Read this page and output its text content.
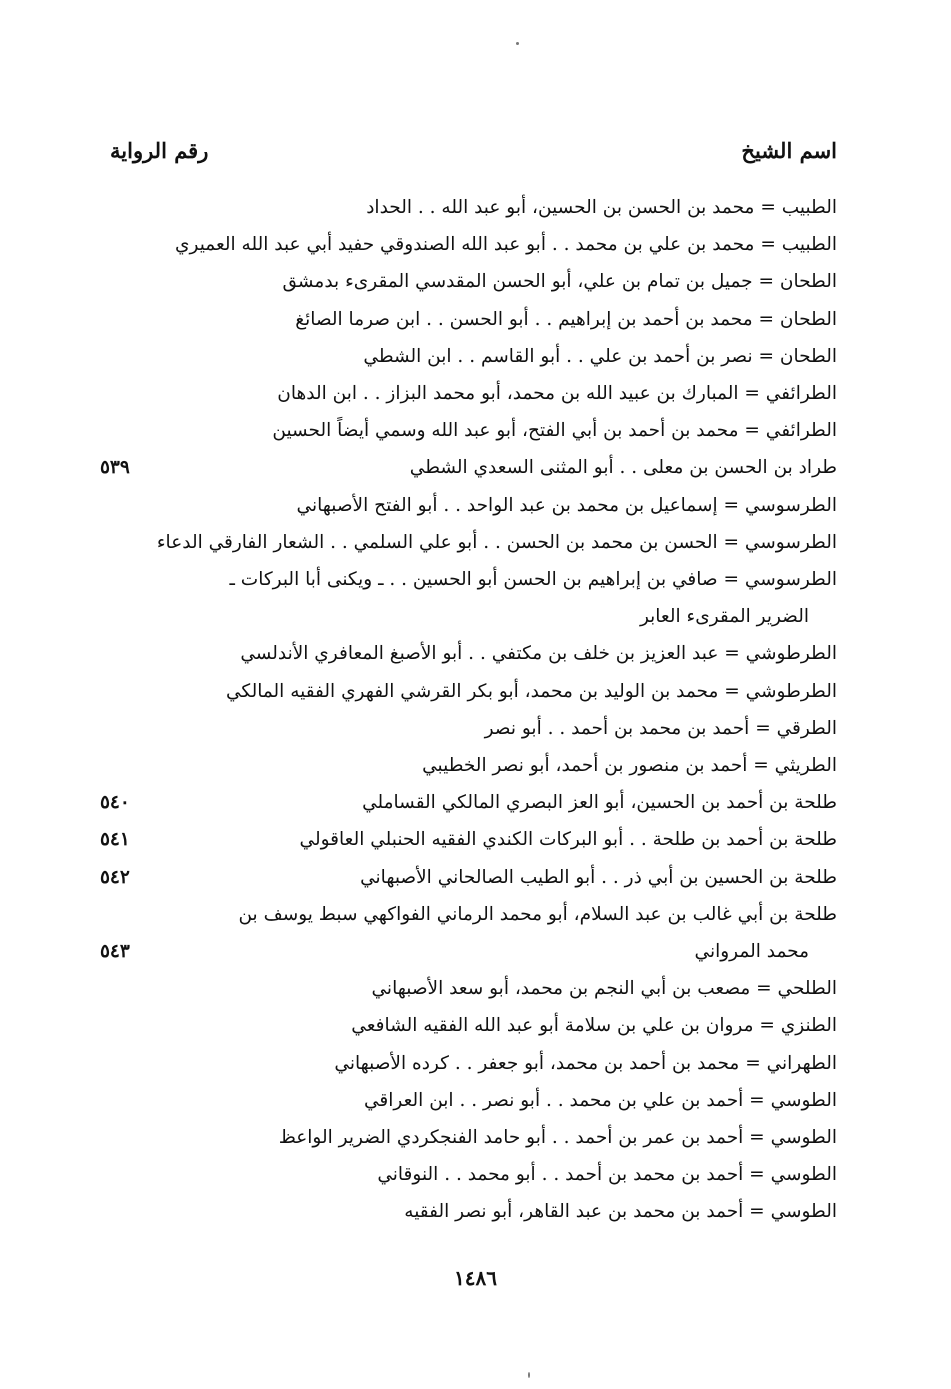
اسم الشيخ
رقم الرواية
الطبيب = محمد بن الحسن بن الحسين، أبو عبد الله . . الحداد
الطبيب = محمد بن علي بن محمد . . أبو عبد الله الصندوقي حفيد أبي عبد الله العميري
الطحان = جميل بن تمام بن علي، أبو الحسن المقدسي المقرىء بدمشق
الطحان = محمد بن أحمد بن إبراهيم . . أبو الحسن . . ابن صرما الصائغ
الطحان = نصر بن أحمد بن علي . . أبو القاسم . . ابن الشطي
الطرائفي = المبارك بن عبيد الله بن محمد، أبو محمد البزاز . . ابن الدهان
الطرائفي = محمد بن أحمد بن أبي الفتح، أبو عبد الله وسمي أيضاً الحسين
طراد بن الحسن بن معلى . . أبو المثنى السعدي الشطي
٥٣٩
الطرسوسي = إسماعيل بن محمد بن عبد الواحد . . أبو الفتح الأصبهاني
الطرسوسي = الحسن بن محمد بن الحسن . . أبو علي السلمي . . الشعار الفارقي الدعاء
الطرسوسي = صافي بن إبراهيم بن الحسن أبو الحسين . . ـ ويكنى أبا البركات ـ
الضرير المقرىء العابر
الطرطوشي = عبد العزيز بن خلف بن مكتفي . . أبو الأصبغ المعافري الأندلسي
الطرطوشي = محمد بن الوليد بن محمد، أبو بكر القرشي الفهري الفقيه المالكي
الطرقي = أحمد بن محمد بن أحمد . . أبو نصر
الطريثي = أحمد بن منصور بن أحمد، أبو نصر الخطيبي
طلحة بن أحمد بن الحسين، أبو العز البصري المالكي القساملي
٥٤٠
طلحة بن أحمد بن طلحة . . أبو البركات الكندي الفقيه الحنبلي العاقولي
٥٤١
طلحة بن الحسين بن أبي ذر . . أبو الطيب الصالحاني الأصبهاني
٥٤٢
طلحة بن أبي غالب بن عبد السلام، أبو محمد الرماني الفواكهي سبط يوسف بن
محمد المرواني
٥٤٣
الطلحي = مصعب بن أبي النجم بن محمد، أبو سعد الأصبهاني
الطنزي = مروان بن علي بن سلامة أبو عبد الله الفقيه الشافعي
الطهراني = محمد بن أحمد بن محمد، أبو جعفر . . كرده الأصبهاني
الطوسي = أحمد بن علي بن محمد . . أبو نصر . . ابن العراقي
الطوسي = أحمد بن عمر بن أحمد . . أبو حامد الفنجكردي الضرير الواعظ
الطوسي = أحمد بن محمد بن أحمد . . أبو محمد . . النوقاني
الطوسي = أحمد بن محمد بن عبد القاهر، أبو نصر الفقيه
١٤٨٦
